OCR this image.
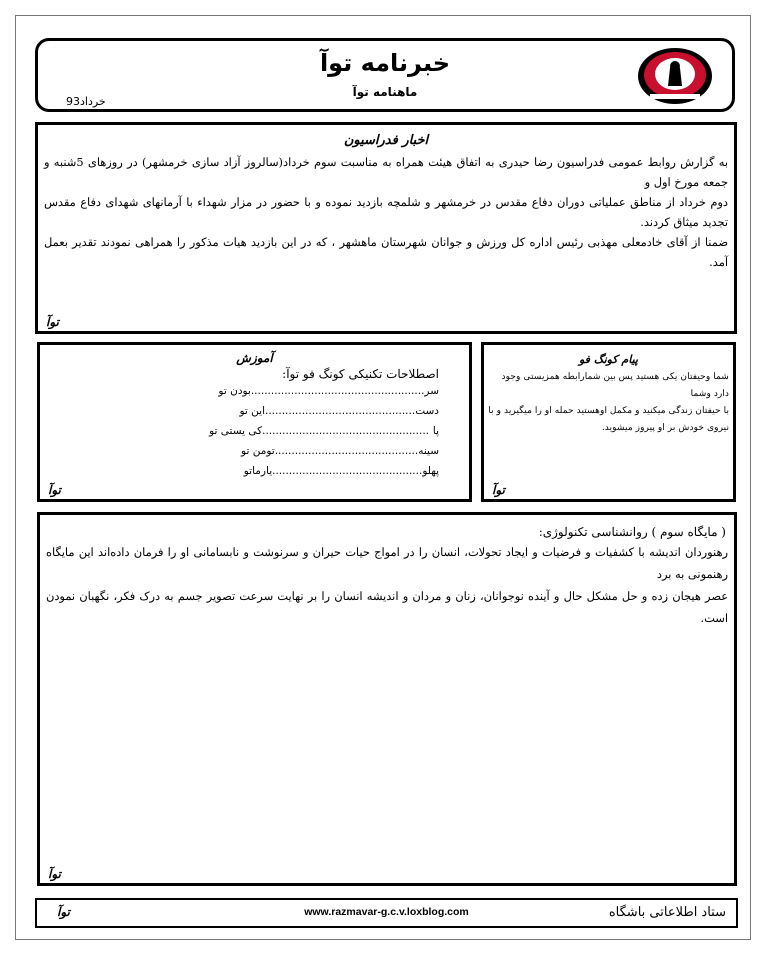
خبرنامه توآ
ماهنامه توآ
خرداد93
اخبار فدراسیون
به گزارش روابط عمومی فدراسیون رضا حیدری به اتفاق هیئت همراه به مناسبت سوم خرداد(سالروز آزاد سازی خرمشهر) در روزهای 5شنبه و جمعه مورخ اول و
دوم خرداد از مناطق عملیاتی دوران دفاع مقدس در خرمشهر و شلمچه بازدید نموده و با حضور در مزار شهداء با آرمانهای شهدای دفاع مقدس تجدید میثاق کردند.
ضمنا از آقای خادمعلی مهذبی رئیس اداره کل ورزش و جوانان شهرستان ماهشهر ، که در این بازدید هیات مذکور را همراهی نمودند تقدیر بعمل آمد.
توآ
آموزش
اصطلاحات تکنیکی کونگ فو توآ:
سر
....................................................
بودن تو
دست
.............................................
این تو
پا
..................................................
کی یستی تو
سینه
...........................................
تومن تو
پهلو
.............................................
یارماتو
توآ
پیام کونگ فو
شما وحیفتان یکی هستید پس بین شمارابطه همزیستی وجود دارد وشما
با حیفتان زندگی میکنید و مکمل اوهستید حمله او را میگیرید و با
نیروی خودش بر او پیروز میشوید.
توآ
( مایگاه سوم ) روانشناسی تکنولوژی:
رهنوردان اندیشه با کشفیات و فرضیات و ایجاد تحولات، انسان را در امواج حیات حیران و سرنوشت و نابسامانی او را فرمان داده‌اند این مایگاه رهنمونی به برد
عصر هیجان زده و حل مشکل حال و آینده نوجوانان، زنان و مردان و اندیشه انسان را بر نهایت سرعت تصویر جسم به درک فکر، نگهبان نمودن است.
توآ
ستاد اطلاعاتی باشگاه
www.razmavar-g.c.v.loxblog.com
توآ
